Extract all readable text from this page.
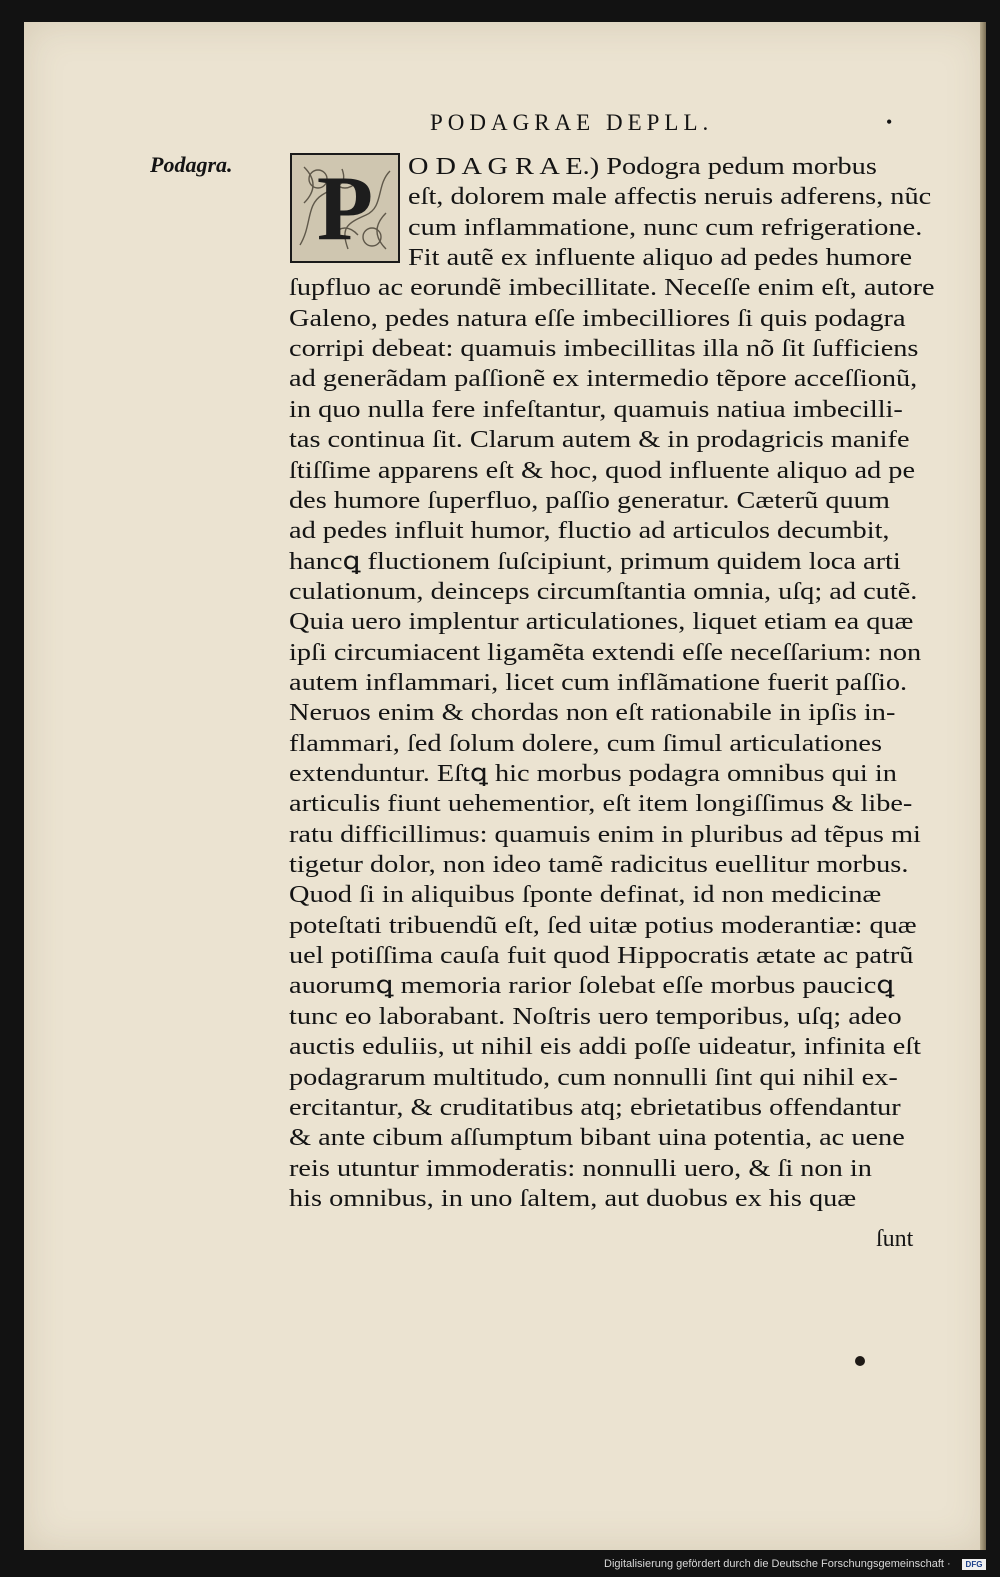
PODAGRAE DEPLL.	•
Podagra. P	O D A G R A E.) Podogra pedum morbus
eſt, dolorem male affectis neruis adferens, nũc
cum inflammatione, nunc cum refrigeratione.
Fit autẽ ex influente aliquo ad pedes humore
ſupfluo ac eorundẽ imbecillitate. Neceſſe enim eſt, autore
Galeno, pedes natura eſſe imbecilliores ſi quis podagra
corripi debeat: quamuis imbecillitas illa nõ ſit ſufficiens
ad generãdam paſſionẽ ex intermedio tẽpore acceſſionũ,
in quo nulla fere infeſtantur, quamuis natiua imbecilli-
tas continua ſit. Clarum autem & in prodagricis manife
ſtiſſime apparens eſt & hoc, quod influente aliquo ad pe
des humore ſuperfluo, paſſio generatur. Cæterũ quum
ad pedes influit humor, fluctio ad articulos decumbit,
hancꝗ fluctionem ſuſcipiunt, primum quidem loca arti
culationum, deinceps circumſtantia omnia, uſq; ad cutẽ.
Quia uero implentur articulationes, liquet etiam ea quæ
ipſi circumiacent ligamẽta extendi eſſe neceſſarium: non
autem inflammari, licet cum inflãmatione fuerit paſſio.
Neruos enim & chordas non eſt rationabile in ipſis in-
flammari, ſed ſolum dolere, cum ſimul articulationes
extenduntur. Eſtꝗ hic morbus podagra omnibus qui in
articulis fiunt uehementior, eſt item longiſſimus & libe-
ratu difficillimus: quamuis enim in pluribus ad tẽpus mi
tigetur dolor, non ideo tamẽ radicitus euellitur morbus.
Quod ſi in aliquibus ſponte definat, id non medicinæ
poteſtati tribuendũ eſt, ſed uitæ potius moderantiæ: quæ
uel potiſſima cauſa fuit quod Hippocratis ætate ac patrũ
auorumꝗ memoria rarior ſolebat eſſe morbus paucicꝗ
tunc eo laborabant. Noſtris uero temporibus, uſq; adeo
auctis eduliis, ut nihil eis addi poſſe uideatur, infinita eſt
podagrarum multitudo, cum nonnulli ſint qui nihil ex-
ercitantur, & cruditatibus atq; ebrietatibus offendantur
& ante cibum aſſumptum bibant uina potentia, ac uene
reis utuntur immoderatis: nonnulli uero, & ſi non in
his omnibus, in uno ſaltem, aut duobus ex his quæ
ſunt
Digitalisierung gefördert durch die Deutsche Forschungsgemeinschaft ·	DFG
